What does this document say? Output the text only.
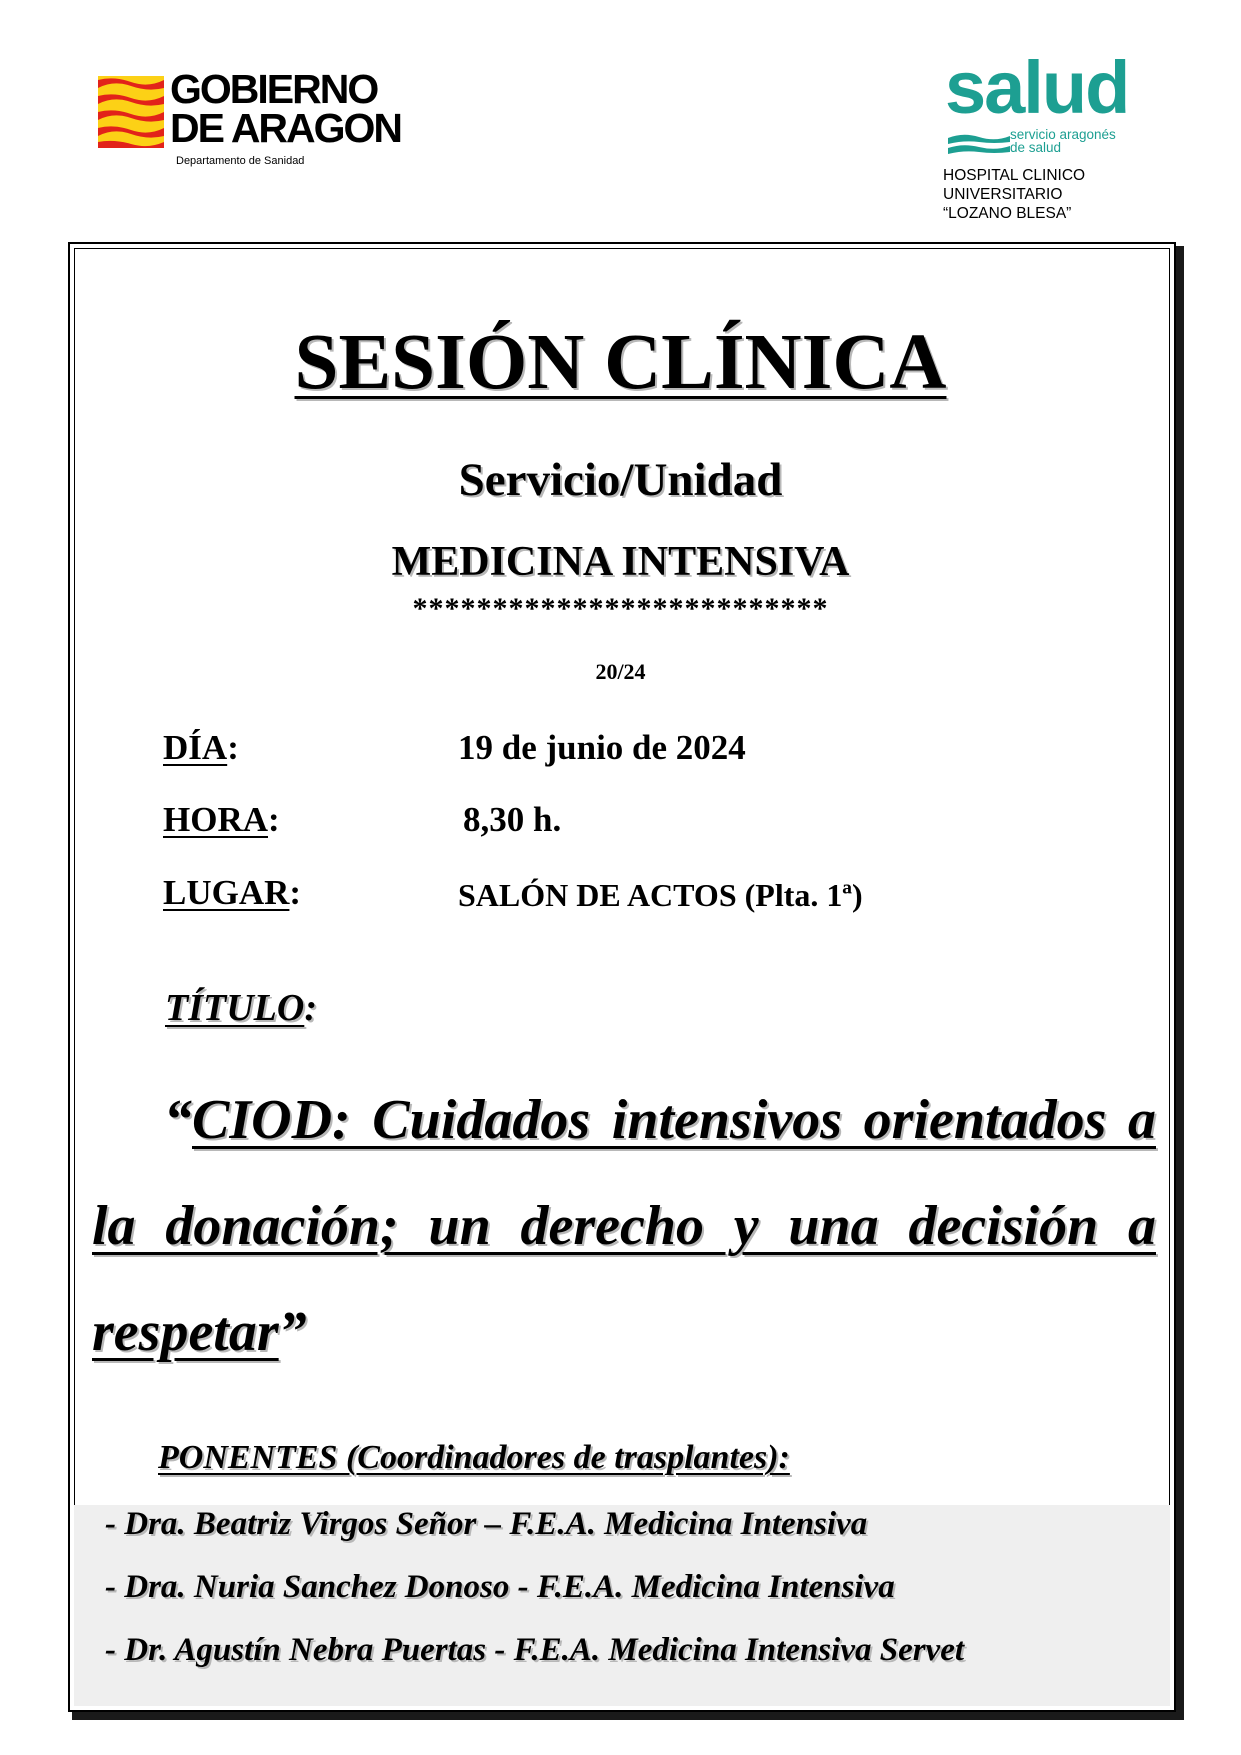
GOBIERNO
DE ARAGON
Departamento de Sanidad
salud
servicio aragonés
de salud
HOSPITAL CLINICO
UNIVERSITARIO
“LOZANO BLESA”
SESIÓN CLÍNICA
Servicio/Unidad
MEDICINA INTENSIVA
**************************
20/24
DÍA:	19 de junio de 2024
HORA:	8,30 h.
LUGAR:	SALÓN DE ACTOS (Plta. 1ª)
TÍTULO:
“CIOD: Cuidados intensivos orientados a la donación; un derecho y una decisión a respetar”
PONENTES (Coordinadores de trasplantes):
- Dra. Beatriz Virgos Señor – F.E.A. Medicina Intensiva
- Dra. Nuria Sanchez Donoso - F.E.A. Medicina Intensiva
- Dr. Agustín Nebra Puertas - F.E.A. Medicina Intensiva Servet
